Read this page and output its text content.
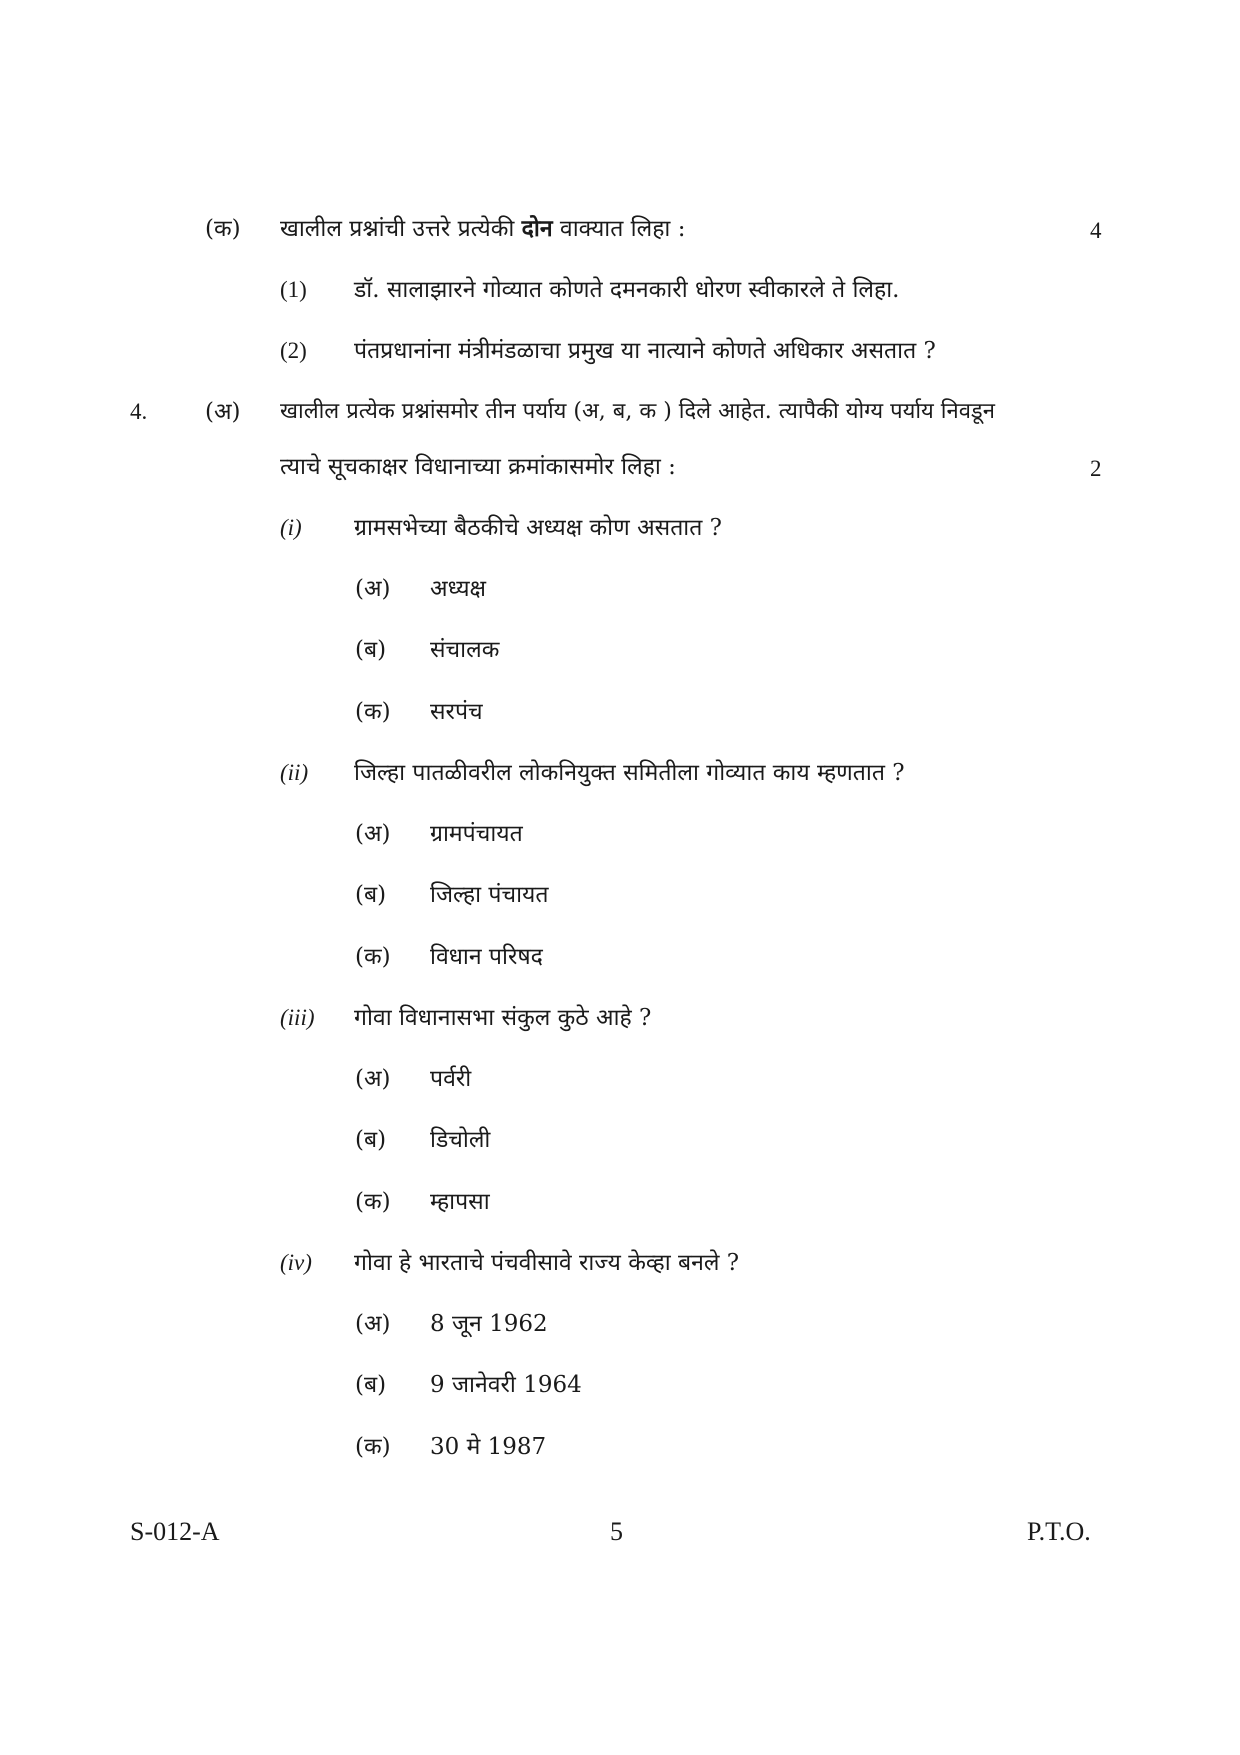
(क) खालील प्रश्नांची उत्तरे प्रत्येकी दोन वाक्यात लिहा :	4
(1) डॉ. सालाझारने गोव्यात कोणते दमनकारी धोरण स्वीकारले ते लिहा.
(2) पंतप्रधानांना मंत्रीमंडळाचा प्रमुख या नात्याने कोणते अधिकार असतात ?
4.	(अ) खालील प्रत्येक प्रश्नांसमोर तीन पर्याय (अ, ब, क ) दिले आहेत. त्यापैकी योग्य पर्याय निवडून
त्याचे सूचकाक्षर विधानाच्या क्रमांकासमोर लिहा :	2
(i) ग्रामसभेच्या बैठकीचे अध्यक्ष कोण असतात ?
(अ) अध्यक्ष
(ब) संचालक
(क) सरपंच
(ii) जिल्हा पातळीवरील लोकनियुक्त समितीला गोव्यात काय म्हणतात ?
(अ) ग्रामपंचायत
(ब) जिल्हा पंचायत
(क) विधान परिषद
(iii) गोवा विधानासभा संकुल कुठे आहे ?
(अ) पर्वरी
(ब) डिचोली
(क) म्हापसा
(iv) गोवा हे भारताचे पंचवीसावे राज्य केव्हा बनले ?
(अ) 8 जून 1962
(ब) 9 जानेवरी 1964
(क) 30 मे 1987
S-012-A	5	P.T.O.
